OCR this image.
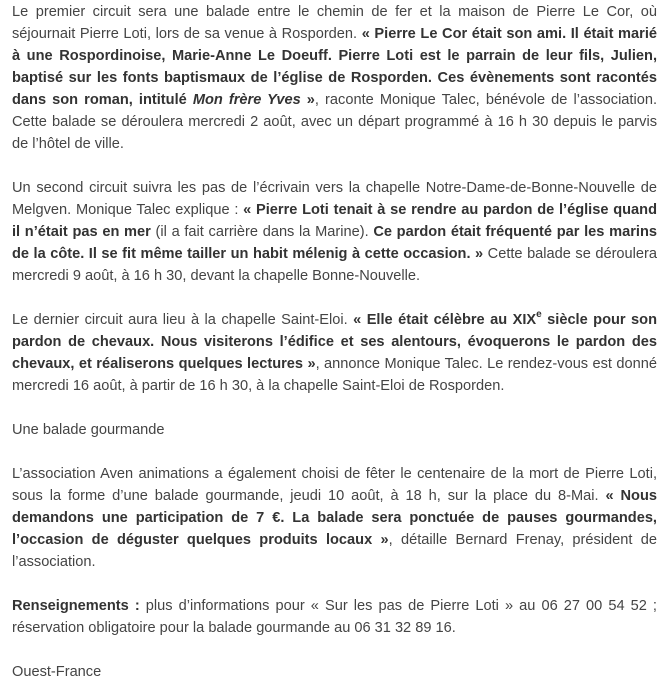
Le premier circuit sera une balade entre le chemin de fer et la maison de Pierre Le Cor, où séjournait Pierre Loti, lors de sa venue à Rosporden. « Pierre Le Cor était son ami. Il était marié à une Rospordinoise, Marie-Anne Le Doeuff. Pierre Loti est le parrain de leur fils, Julien, baptisé sur les fonts baptismaux de l’église de Rosporden. Ces évènements sont racontés dans son roman, intitulé Mon frère Yves », raconte Monique Talec, bénévole de l’association. Cette balade se déroulera mercredi 2 août, avec un départ programmé à 16 h 30 depuis le parvis de l’hôtel de ville.

Un second circuit suivra les pas de l’écrivain vers la chapelle Notre-Dame-de-Bonne-Nouvelle de Melgven. Monique Talec explique : « Pierre Loti tenait à se rendre au pardon de l’église quand il n’était pas en mer (il a fait carrière dans la Marine). Ce pardon était fréquenté par les marins de la côte. Il se fit même tailler un habit mélenig à cette occasion. » Cette balade se déroulera mercredi 9 août, à 16 h 30, devant la chapelle Bonne-Nouvelle.

Le dernier circuit aura lieu à la chapelle Saint-Eloi. « Elle était célèbre au XIXe siècle pour son pardon de chevaux. Nous visiterons l’édifice et ses alentours, évoquerons le pardon des chevaux, et réaliserons quelques lectures », annonce Monique Talec. Le rendez-vous est donné mercredi 16 août, à partir de 16 h 30, à la chapelle Saint-Eloi de Rosporden.

Une balade gourmande

L’association Aven animations a également choisi de fêter le centenaire de la mort de Pierre Loti, sous la forme d’une balade gourmande, jeudi 10 août, à 18 h, sur la place du 8-Mai. « Nous demandons une participation de 7 €. La balade sera ponctuée de pauses gourmandes, l’occasion de déguster quelques produits locaux », détaille Bernard Frenay, président de l’association.

Renseignements : plus d’informations pour « Sur les pas de Pierre Loti » au 06 27 00 54 52 ; réservation obligatoire pour la balade gourmande au 06 31 32 89 16.

Ouest-France
